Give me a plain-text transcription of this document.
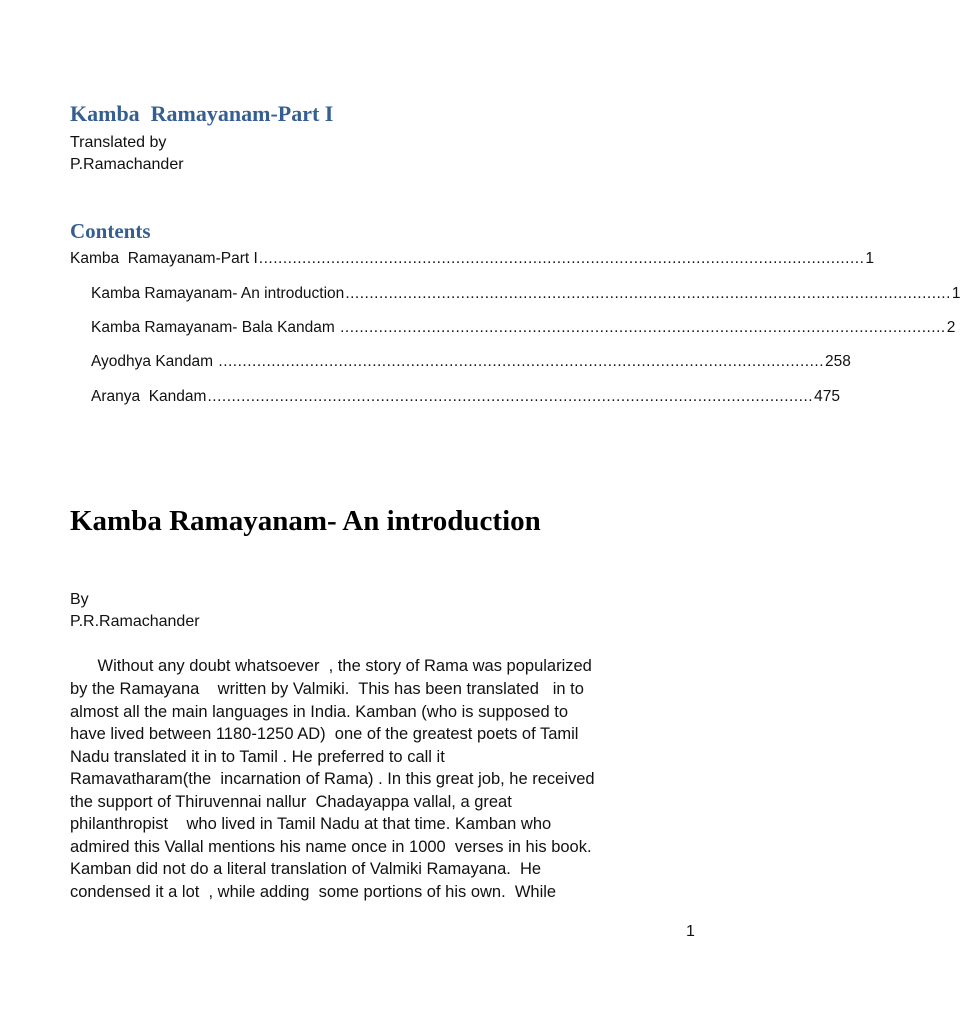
Kamba  Ramayanam-Part I

Translated by

P.Ramachander

Contents
Kamba  Ramayanam-Part I .............................................................................................................................. 1
Kamba Ramayanam- An introduction .............................................................................................................................. 1
Kamba Ramayanam- Bala Kandam .............................................................................................................................. 2
Ayodhya Kandam .............................................................................................................................. 258
Aranya  Kandam .............................................................................................................................. 475
Kamba Ramayanam- An introduction

By

P.R.Ramachander

Without any doubt whatsoever  , the story of Rama was popularized

by the Ramayana    written by Valmiki.  This has been translated   in to

almost all the main languages in India. Kamban (who is supposed to

have lived between 1180-1250 AD)  one of the greatest poets of Tamil

Nadu translated it in to Tamil . He preferred to call it

Ramavatharam(the  incarnation of Rama) . In this great job, he received

the support of Thiruvennai nallur  Chadayappa vallal, a great

philanthropist    who lived in Tamil Nadu at that time. Kamban who

admired this Vallal mentions his name once in 1000  verses in his book.

Kamban did not do a literal translation of Valmiki Ramayana.  He

condensed it a lot  , while adding  some portions of his own.  While

1
